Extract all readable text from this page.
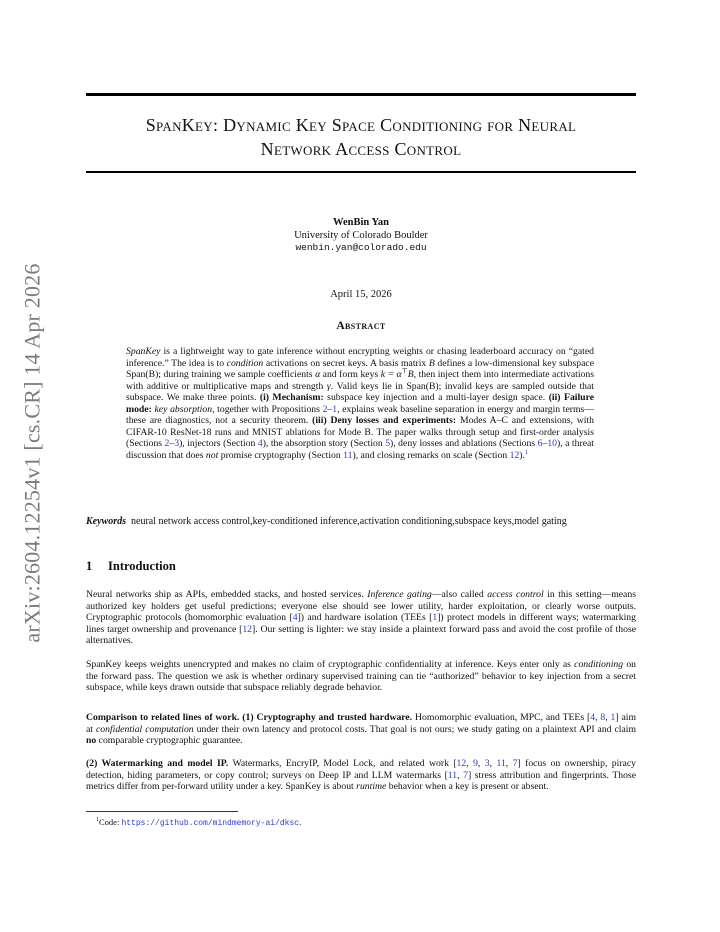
arXiv:2604.12254v1 [cs.CR] 14 Apr 2026
SpanKey: Dynamic Key Space Conditioning for Neural
Network Access Control
WenBin Yan
University of Colorado Boulder
wenbin.yan@colorado.edu
April 15, 2026
Abstract
SpanKey is a lightweight way to gate inference without encrypting weights or chasing leaderboard accuracy on “gated inference.” The idea is to condition activations on secret keys. A basis matrix B defines a low-dimensional key subspace Span(B); during training we sample coefficients α and form keys k = α⊤B, then inject them into intermediate activations with additive or multiplicative maps and strength γ. Valid keys lie in Span(B); invalid keys are sampled outside that subspace. We make three points. (i) Mechanism: subspace key injection and a multi-layer design space. (ii) Failure mode: key absorption, together with Propositions 2–1, explains weak baseline separation in energy and margin terms—these are diagnostics, not a security theorem. (iii) Deny losses and experiments: Modes A–C and extensions, with CIFAR-10 ResNet-18 runs and MNIST ablations for Mode B. The paper walks through setup and first-order analysis (Sections 2–3), injectors (Section 4), the absorption story (Section 5), deny losses and ablations (Sections 6–10), a threat discussion that does not promise cryptography (Section 11), and closing remarks on scale (Section 12).$^1$
Keywords neural network access control,key-conditioned inference,activation conditioning,subspace keys,model gating
1 Introduction
Neural networks ship as APIs, embedded stacks, and hosted services. Inference gating—also called access control in this setting—means authorized key holders get useful predictions; everyone else should see lower utility, harder exploitation, or clearly worse outputs. Cryptographic protocols (homomorphic evaluation [4]) and hardware isolation (TEEs [1]) protect models in different ways; watermarking lines target ownership and provenance [12]. Our setting is lighter: we stay inside a plaintext forward pass and avoid the cost profile of those alternatives.
SpanKey keeps weights unencrypted and makes no claim of cryptographic confidentiality at inference. Keys enter only as conditioning on the forward pass. The question we ask is whether ordinary supervised training can tie “authorized” behavior to key injection from a secret subspace, while keys drawn outside that subspace reliably degrade behavior.
Comparison to related lines of work. (1) Cryptography and trusted hardware. Homomorphic evaluation, MPC, and TEEs [4, 8, 1] aim at confidential computation under their own latency and protocol costs. That goal is not ours; we study gating on a plaintext API and claim no comparable cryptographic guarantee.
(2) Watermarking and model IP. Watermarks, EncryIP, Model Lock, and related work [12, 9, 3, 11, 7] focus on ownership, piracy detection, hiding parameters, or copy control; surveys on Deep IP and LLM watermarks [11, 7] stress attribution and fingerprints. Those metrics differ from per-forward utility under a key. SpanKey is about runtime behavior when a key is present or absent.
$^1$Code: https://github.com/mindmemory-ai/dksc.
